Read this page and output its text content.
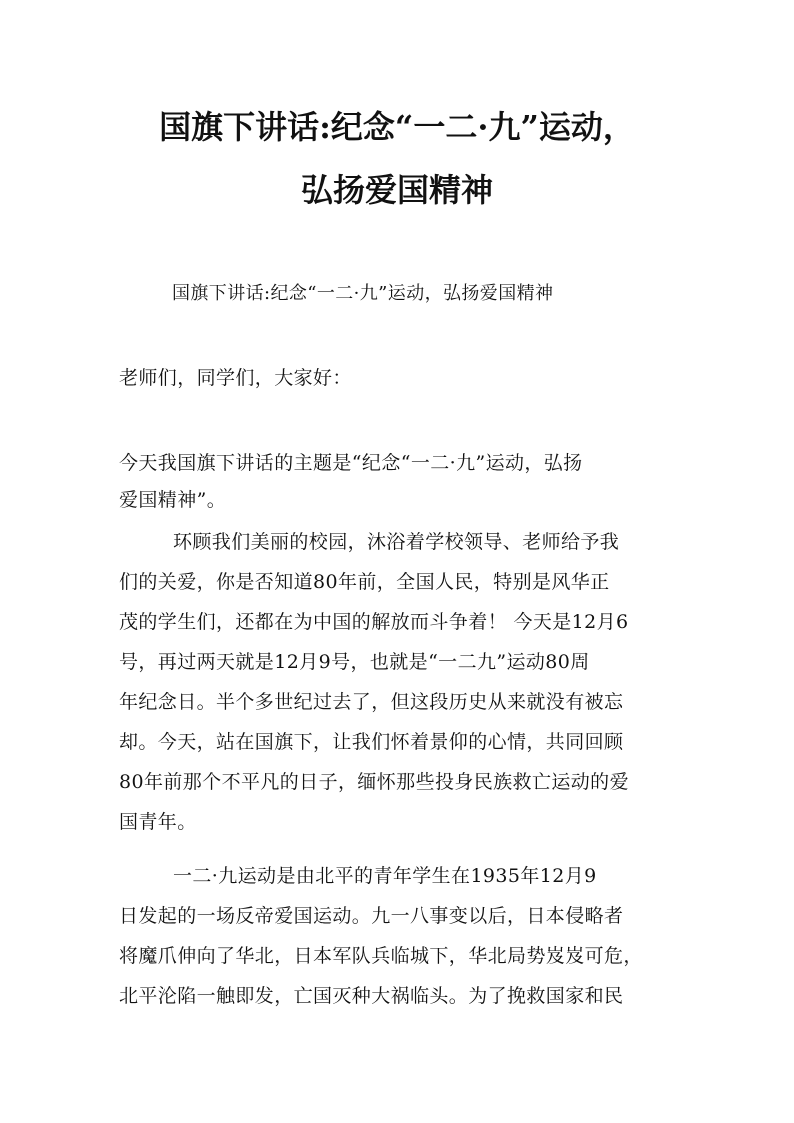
国旗下讲话:纪念“一二·九”运动，
弘扬爱国精神
国旗下讲话:纪念“一二·九”运动，弘扬爱国精神
老师们，同学们，大家好：
今天我国旗下讲话的主题是“纪念“一二·九”运动，弘扬
爱国精神”。
环顾我们美丽的校园，沐浴着学校领导、老师给予我
们的关爱，你是否知道80年前，全国人民，特别是风华正
茂的学生们，还都在为中国的解放而斗争着！ 今天是12月6
号，再过两天就是12月9号，也就是“一二九”运动80周
年纪念日。半个多世纪过去了，但这段历史从来就没有被忘
却。今天，站在国旗下，让我们怀着景仰的心情，共同回顾
80年前那个不平凡的日子，缅怀那些投身民族救亡运动的爱
国青年。
一二·九运动是由北平的青年学生在1935年12月9
日发起的一场反帝爱国运动。九一八事变以后，日本侵略者
将魔爪伸向了华北，日本军队兵临城下，华北局势岌岌可危，
北平沦陷一触即发，亡国灭种大祸临头。为了挽救国家和民
